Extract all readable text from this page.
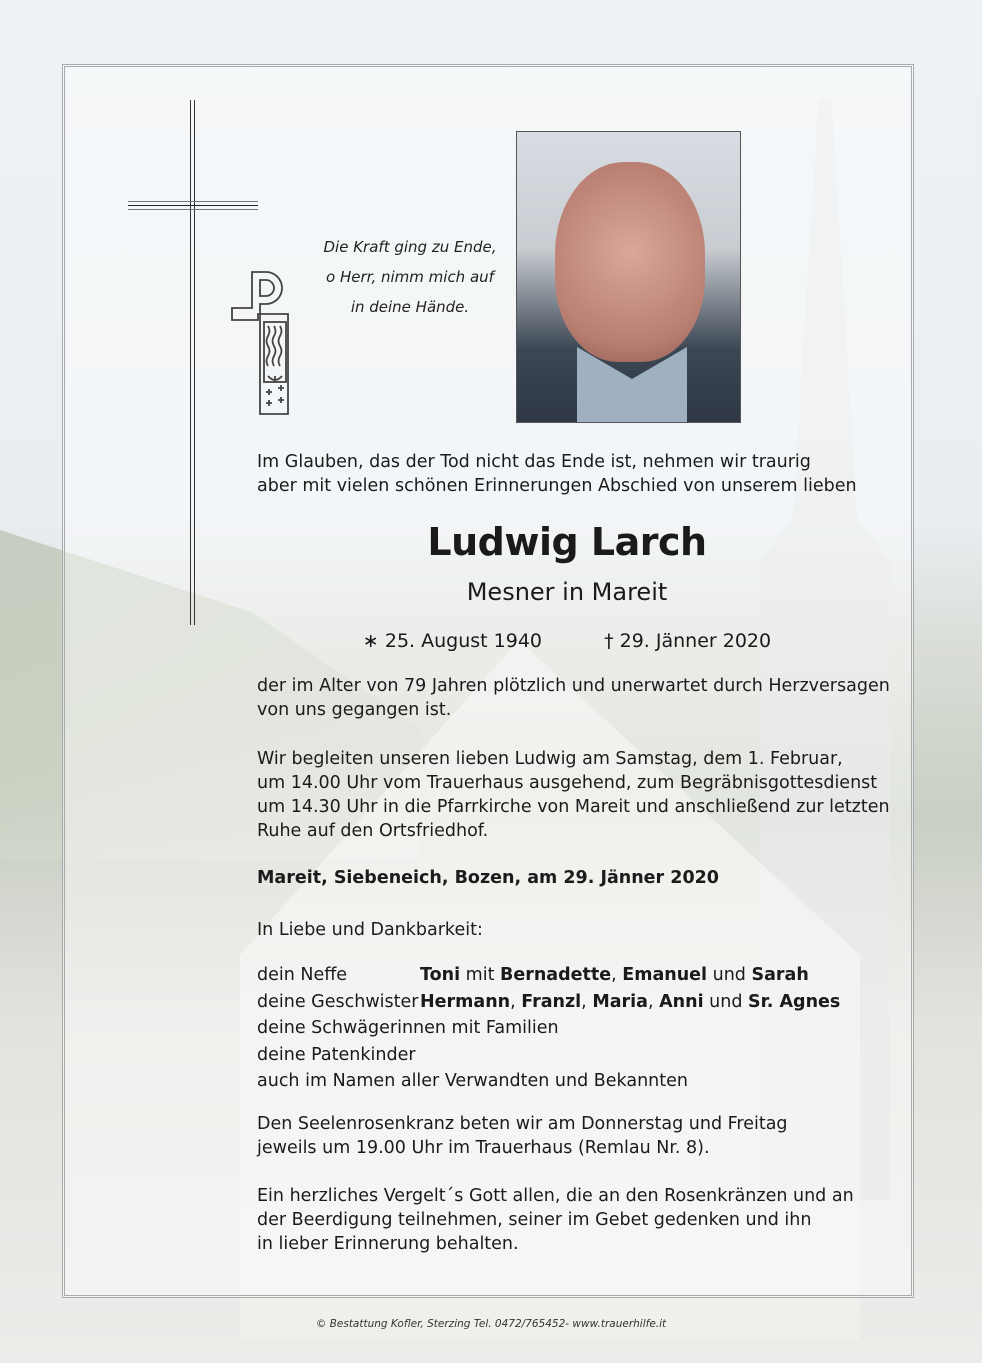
Die Kraft ging zu Ende,
o Herr, nimm mich auf
in deine Hände.
Im Glauben, das der Tod nicht das Ende ist, nehmen wir traurig
aber mit vielen schönen Erinnerungen Abschied von unserem lieben
Ludwig Larch
Mesner in Mareit
∗ 25. August 1940	† 29. Jänner 2020
der im Alter von 79 Jahren plötzlich und unerwartet durch Herzversagen
von uns gegangen ist.
Wir begleiten unseren lieben Ludwig am Samstag, dem 1. Februar,
um 14.00 Uhr vom Trauerhaus ausgehend, zum Begräbnisgottesdienst
um 14.30 Uhr in die Pfarrkirche von Mareit und anschließend zur letzten
Ruhe auf den Ortsfriedhof.
Mareit, Siebeneich, Bozen, am 29. Jänner 2020
In Liebe und Dankbarkeit:
dein Neffe	Toni mit Bernadette, Emanuel und Sarah
deine GeschwisterHermann, Franzl, Maria, Anni und Sr. Agnes
deine Schwägerinnen mit Familien
deine Patenkinder
auch im Namen aller Verwandten und Bekannten
Den Seelenrosenkranz beten wir am Donnerstag und Freitag
jeweils um 19.00 Uhr im Trauerhaus (Remlau Nr. 8).
Ein herzliches Vergelt´s Gott allen, die an den Rosenkränzen und an
der Beerdigung teilnehmen, seiner im Gebet gedenken und ihn
in lieber Erinnerung behalten.
© Bestattung Kofler, Sterzing Tel. 0472/765452- www.trauerhilfe.it
